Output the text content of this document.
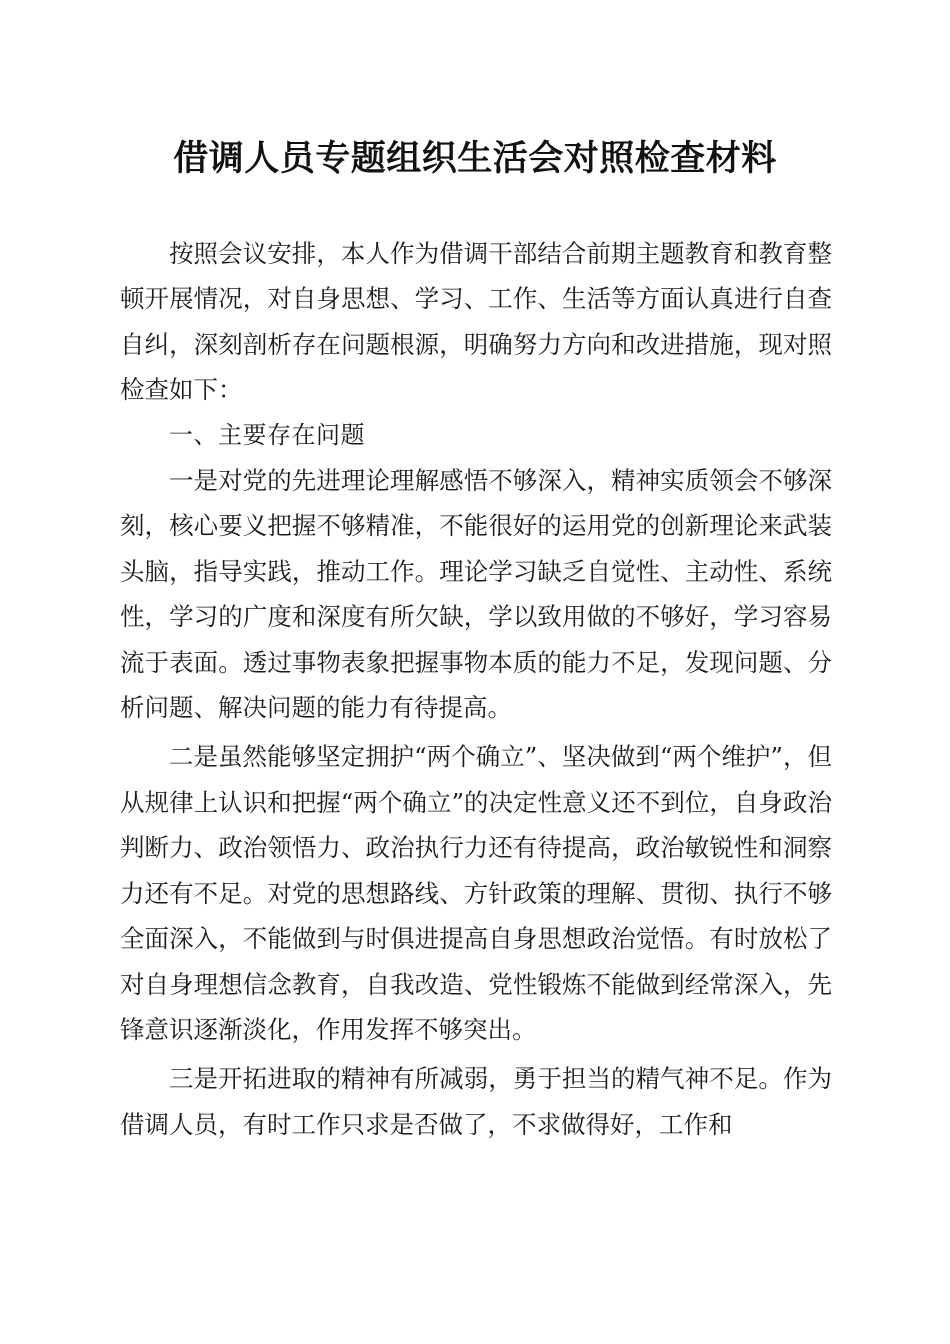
借调人员专题组织生活会对照检查材料

按照会议安排，本人作为借调干部结合前期主题教育和教育整顿开展情况，对自身思想、学习、工作、生活等方面认真进行自查自纠，深刻剖析存在问题根源，明确努力方向和改进措施，现对照检查如下：

一、主要存在问题

一是对党的先进理论理解感悟不够深入，精神实质领会不够深刻，核心要义把握不够精准，不能很好的运用党的创新理论来武装头脑，指导实践，推动工作。理论学习缺乏自觉性、主动性、系统性，学习的广度和深度有所欠缺，学以致用做的不够好，学习容易流于表面。透过事物表象把握事物本质的能力不足，发现问题、分析问题、解决问题的能力有待提高。

二是虽然能够坚定拥护“两个确立”、坚决做到“两个维护”，但从规律上认识和把握“两个确立”的决定性意义还不到位，自身政治判断力、政治领悟力、政治执行力还有待提高，政治敏锐性和洞察力还有不足。对党的思想路线、方针政策的理解、贯彻、执行不够全面深入，不能做到与时俱进提高自身思想政治觉悟。有时放松了对自身理想信念教育，自我改造、党性锻炼不能做到经常深入，先锋意识逐渐淡化，作用发挥不够突出。

三是开拓进取的精神有所减弱，勇于担当的精气神不足。作为借调人员，有时工作只求是否做了，不求做得好，工作和
